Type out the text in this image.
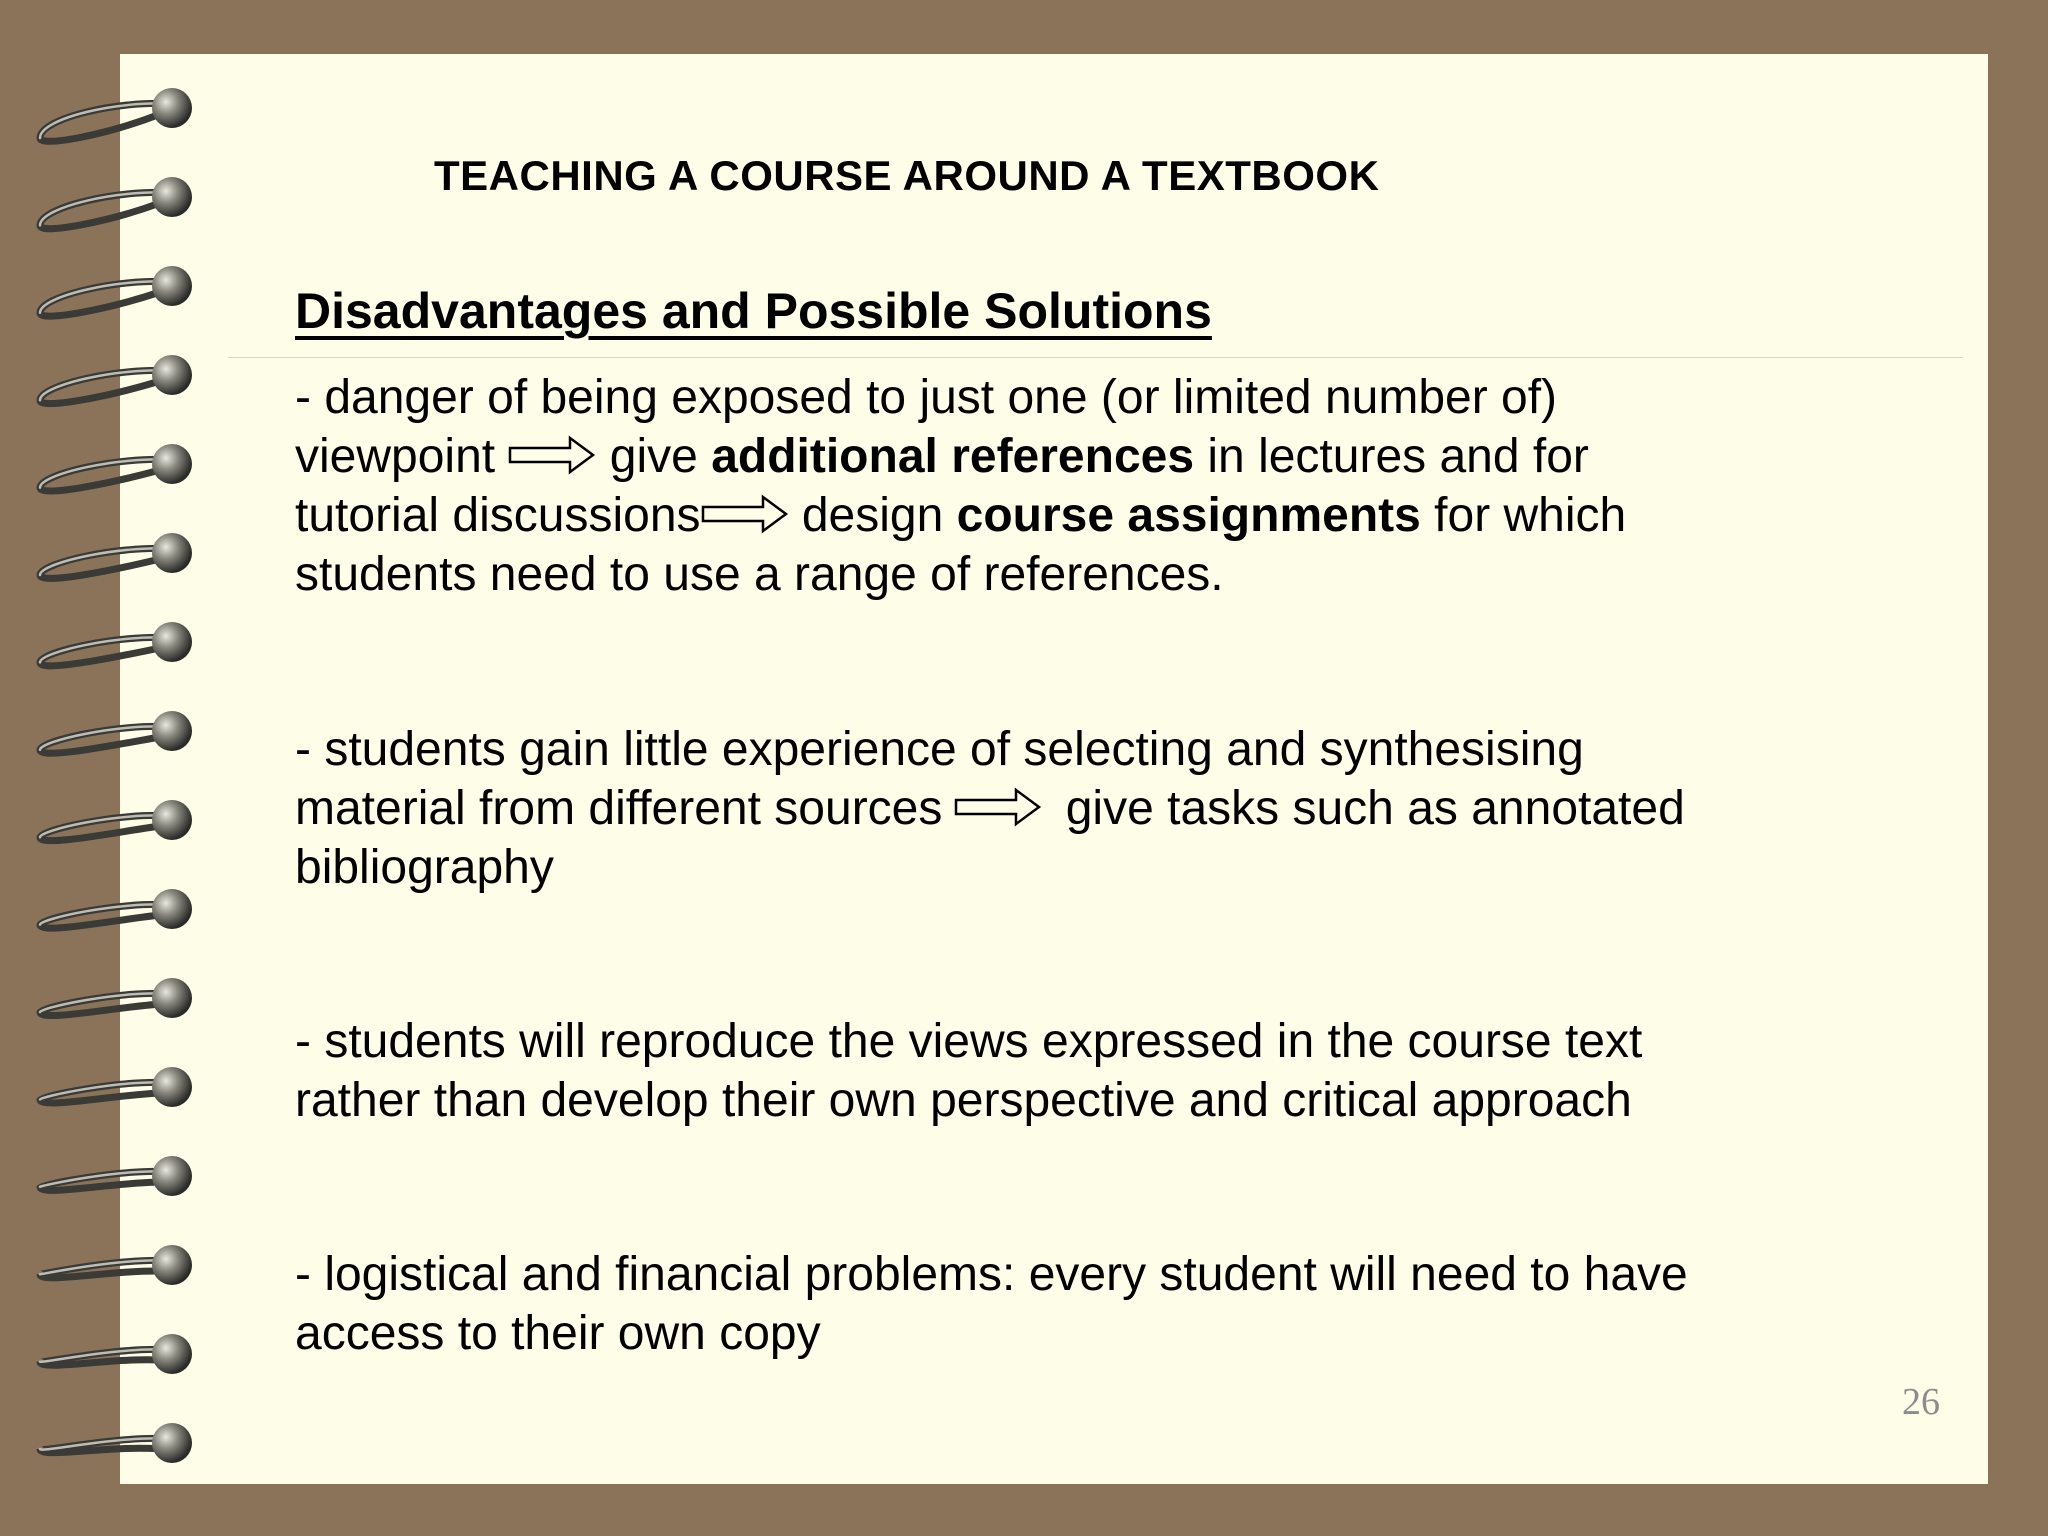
TEACHING A COURSE AROUND A TEXTBOOK
Disadvantages and Possible Solutions
- danger of being exposed to just one (or limited number of)
viewpoint  give additional references in lectures and for
tutorial discussions design course assignments for which
students need to use a range of references.
- students gain little experience of selecting and synthesising
material from different sources give tasks such as annotated
bibliography
- students will reproduce the views expressed in the course text
rather than develop their own perspective and critical approach
- logistical and financial problems: every student will need to have
access to their own copy
26
